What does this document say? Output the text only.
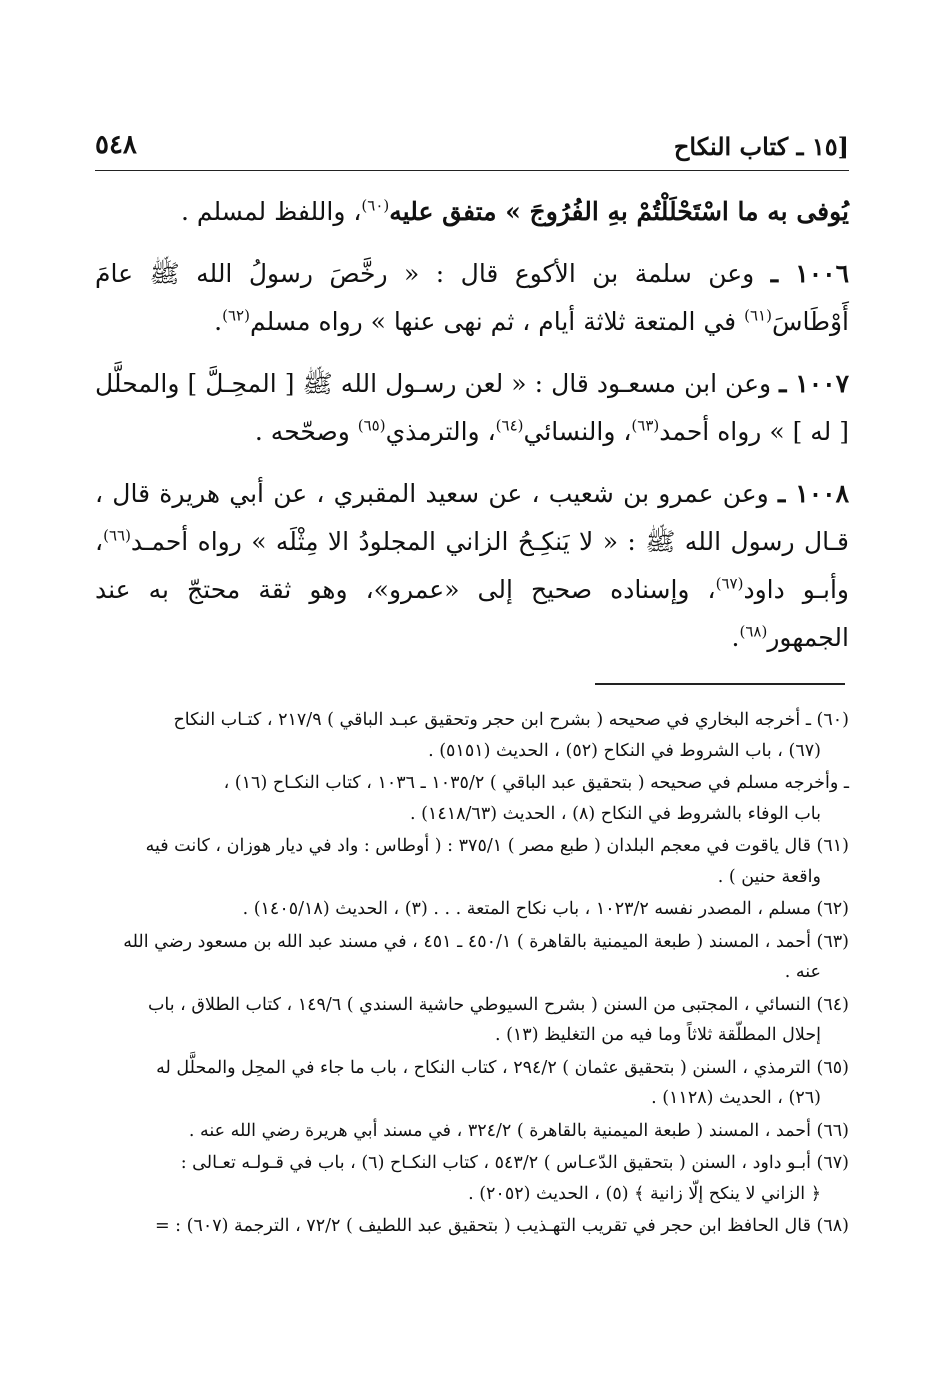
٥٤٨	[١٥ ـ كتاب النكاح

يُوفى به ما اسْتَحْلَلْتُمْ بهِ الفُرُوجَ » متفق عليه$^{(٦٠)}$، واللفظ لمسلم .

١٠٠٦ ـ وعن سلمة بن الأكوع قال : « رخَّصَ رسولُ الله ﷺ عامَ أَوْطَاسَ$^{(٦١)}$ في المتعة ثلاثة أيام ، ثم نهى عنها » رواه مسلم$^{(٦٢)}$.

١٠٠٧ ـ وعن ابن مسعـود قال : « لعن رسـول الله ﷺ [ المحِـلَّ ] والمحلَّل [ له ] » رواه أحمد$^{(٦٣)}$، والنسائي$^{(٦٤)}$، والترمذي$^{(٦٥)}$ وصحّحه .

١٠٠٨ ـ وعن عمرو بن شعيب ، عن سعيد المقبري ، عن أبي هريرة قال ، قـال رسول الله ﷺ : « لا يَنكِـحُ الزاني المجلودُ الا مِثْلَه » رواه أحمـد$^{(٦٦)}$، وأبـو داود$^{(٦٧)}$، وإسناده صحيح إلى «عمرو»، وهو ثقة محتجّ به عند الجمهور$^{(٦٨)}$.

(٦٠) ـ أخرجه البخاري في صحيحه ( بشرح ابن حجر وتحقيق عبـد الباقي ) ٢١٧/٩ ، كتـاب النكاح
(٦٧) ، باب الشروط في النكاح (٥٢) ، الحديث (٥١٥١) .
ـ وأخرجه مسلم في صحيحه ( بتحقيق عبد الباقي ) ١٠٣٥/٢ ـ ١٠٣٦ ، كتاب النكـاح (١٦) ،
باب الوفاء بالشروط في النكاح (٨) ، الحديث (١٤١٨/٦٣) .
(٦١) قال ياقوت في معجم البلدان ( طبع مصر ) ٣٧٥/١ : ( أوطاس : واد في ديار هوزان ، كانت فيه
واقعة حنين ) .
(٦٢) مسلم ، المصدر نفسه ١٠٢٣/٢ ، باب نكاح المتعة . . . (٣) ، الحديث (١٤٠٥/١٨) .
(٦٣) أحمد ، المسند ( طبعة الميمنية بالقاهرة ) ٤٥٠/١ ـ ٤٥١ ، في مسند عبد الله بن مسعود رضي الله
عنه .
(٦٤) النسائي ، المجتبى من السنن ( بشرح السيوطي حاشية السندي ) ١٤٩/٦ ، كتاب الطلاق ، باب
إحلال المطلّقة ثلاثاً وما فيه من التغليظ (١٣) .
(٦٥) الترمذي ، السنن ( بتحقيق عثمان ) ٢٩٤/٢ ، كتاب النكاح ، باب ما جاء في المحِل والمحلَّل له
(٢٦) ، الحديث (١١٢٨) .
(٦٦) أحمد ، المسند ( طبعة الميمنية بالقاهرة ) ٣٢٤/٢ ، في مسند أبي هريرة رضي الله عنه .
(٦٧) أبـو داود ، السنن ( بتحقيق الدّعـاس ) ٥٤٣/٢ ، كتاب النكـاح (٦) ، باب في قـولـه تعـالى :
﴿ الزاني لا ينكح إلّا زانية ﴾ (٥) ، الحديث (٢٠٥٢) .
(٦٨) قال الحافظ ابن حجر في تقريب التهـذيب ( بتحقيق عبد اللطيف ) ٧٢/٢ ، الترجمة (٦٠٧) : =
